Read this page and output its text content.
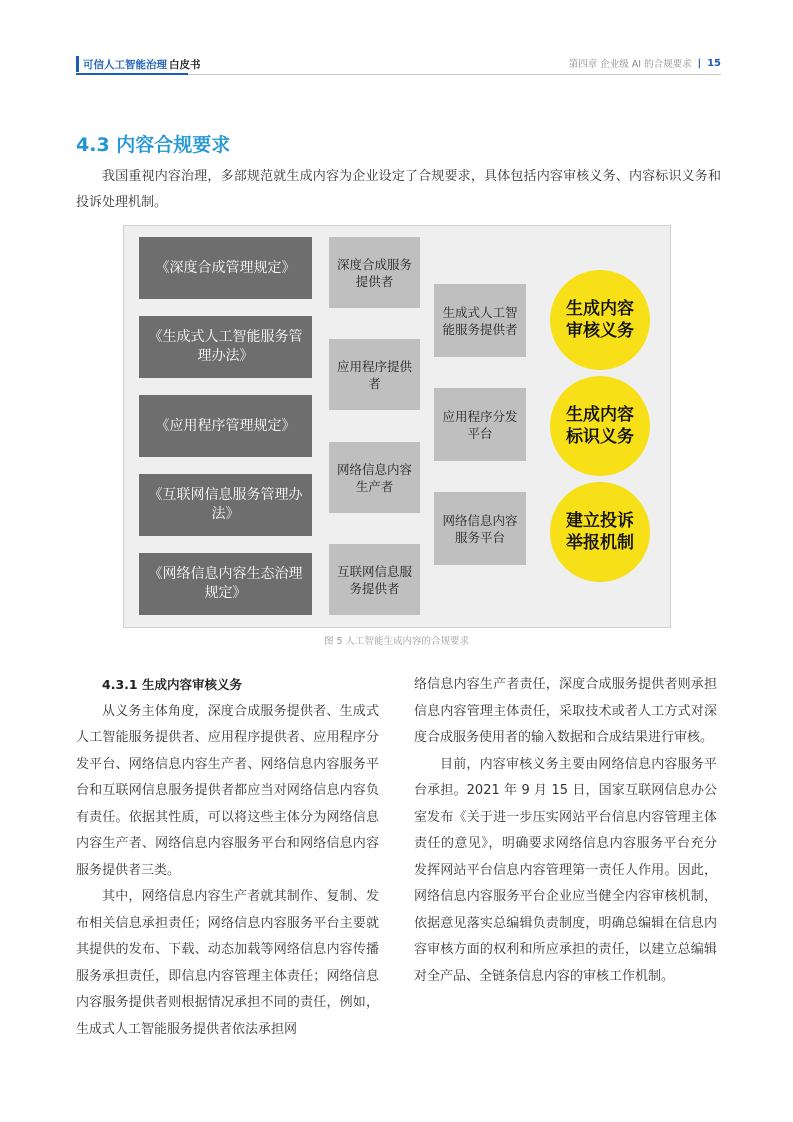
可信人工智能治理 白皮书	第四章 企业级 AI 的合规要求 | 15
4.3 内容合规要求
我国重视内容治理，多部规范就生成内容为企业设定了合规要求，具体包括内容审核义务、内容标识义务和投诉处理机制。
《深度合成管理规定》
《生成式人工智能服务管理办法》
《应用程序管理规定》
《互联网信息服务管理办法》
《网络信息内容生态治理规定》
深度合成服务提供者
应用程序提供者
网络信息内容生产者
互联网信息服务提供者
生成式人工智能服务提供者
应用程序分发平台
网络信息内容服务平台
生成内容审核义务
生成内容标识义务
建立投诉举报机制
图 5 人工智能生成内容的合规要求

4.3.1 生成内容审核义务

从义务主体角度，深度合成服务提供者、生成式人工智能服务提供者、应用程序提供者、应用程序分发平台、网络信息内容生产者、网络信息内容服务平台和互联网信息服务提供者都应当对网络信息内容负有责任。依据其性质，可以将这些主体分为网络信息内容生产者、网络信息内容服务平台和网络信息内容服务提供者三类。

其中，网络信息内容生产者就其制作、复制、发布相关信息承担责任；网络信息内容服务平台主要就其提供的发布、下载、动态加载等网络信息内容传播服务承担责任，即信息内容管理主体责任；网络信息内容服务提供者则根据情况承担不同的责任，例如，生成式人工智能服务提供者依法承担网

络信息内容生产者责任，深度合成服务提供者则承担信息内容管理主体责任，采取技术或者人工方式对深度合成服务使用者的输入数据和合成结果进行审核。

目前，内容审核义务主要由网络信息内容服务平台承担。2021 年 9 月 15 日，国家互联网信息办公室发布《关于进一步压实网站平台信息内容管理主体责任的意见》，明确要求网络信息内容服务平台充分发挥网站平台信息内容管理第一责任人作用。因此，网络信息内容服务平台企业应当健全内容审核机制，依据意见落实总编辑负责制度，明确总编辑在信息内容审核方面的权利和所应承担的责任，以建立总编辑对全产品、全链条信息内容的审核工作机制。
